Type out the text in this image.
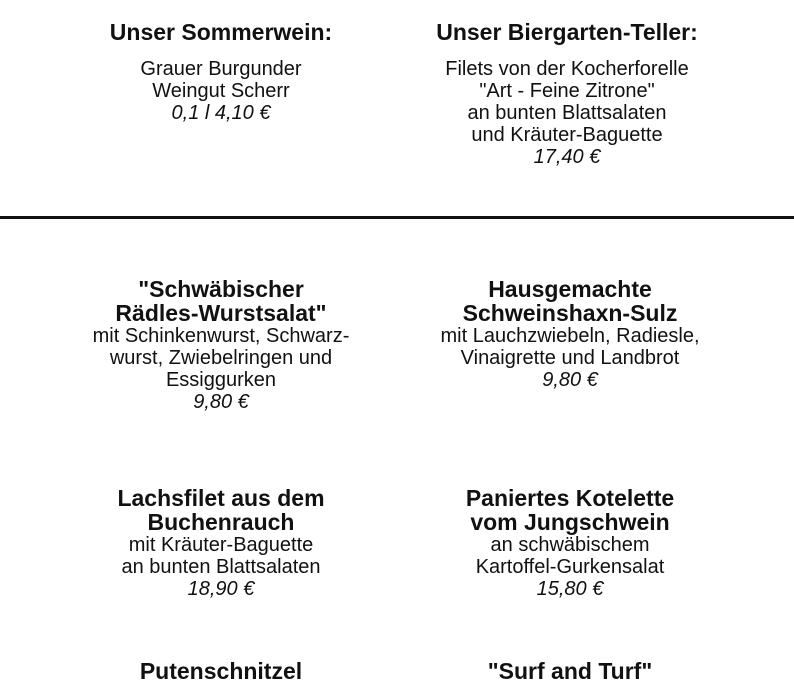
Unser Sommerwein:
Grauer Burgunder
Weingut Scherr
0,1 l 4,10 €
Unser Biergarten-Teller:
Filets von der Kocherforelle
"Art - Feine Zitrone"
an bunten Blattsalaten
und Kräuter-Baguette
17,40 €
"Schwäbischer
Rädles-Wurstsalat"
mit Schinkenwurst, Schwarz-
wurst, Zwiebelringen und
Essiggurken
9,80 €
Hausgemachte
Schweinshaxn-Sulz
mit Lauchzwiebeln, Radiesle,
Vinaigrette und Landbrot
9,80 €
Lachsfilet aus dem
Buchenrauch
mit Kräuter-Baguette
an bunten Blattsalaten
18,90 €
Paniertes Kotelette
vom Jungschwein
an schwäbischem
Kartoffel-Gurkensalat
15,80 €
Putenschnitzel	"Surf and Turf"
